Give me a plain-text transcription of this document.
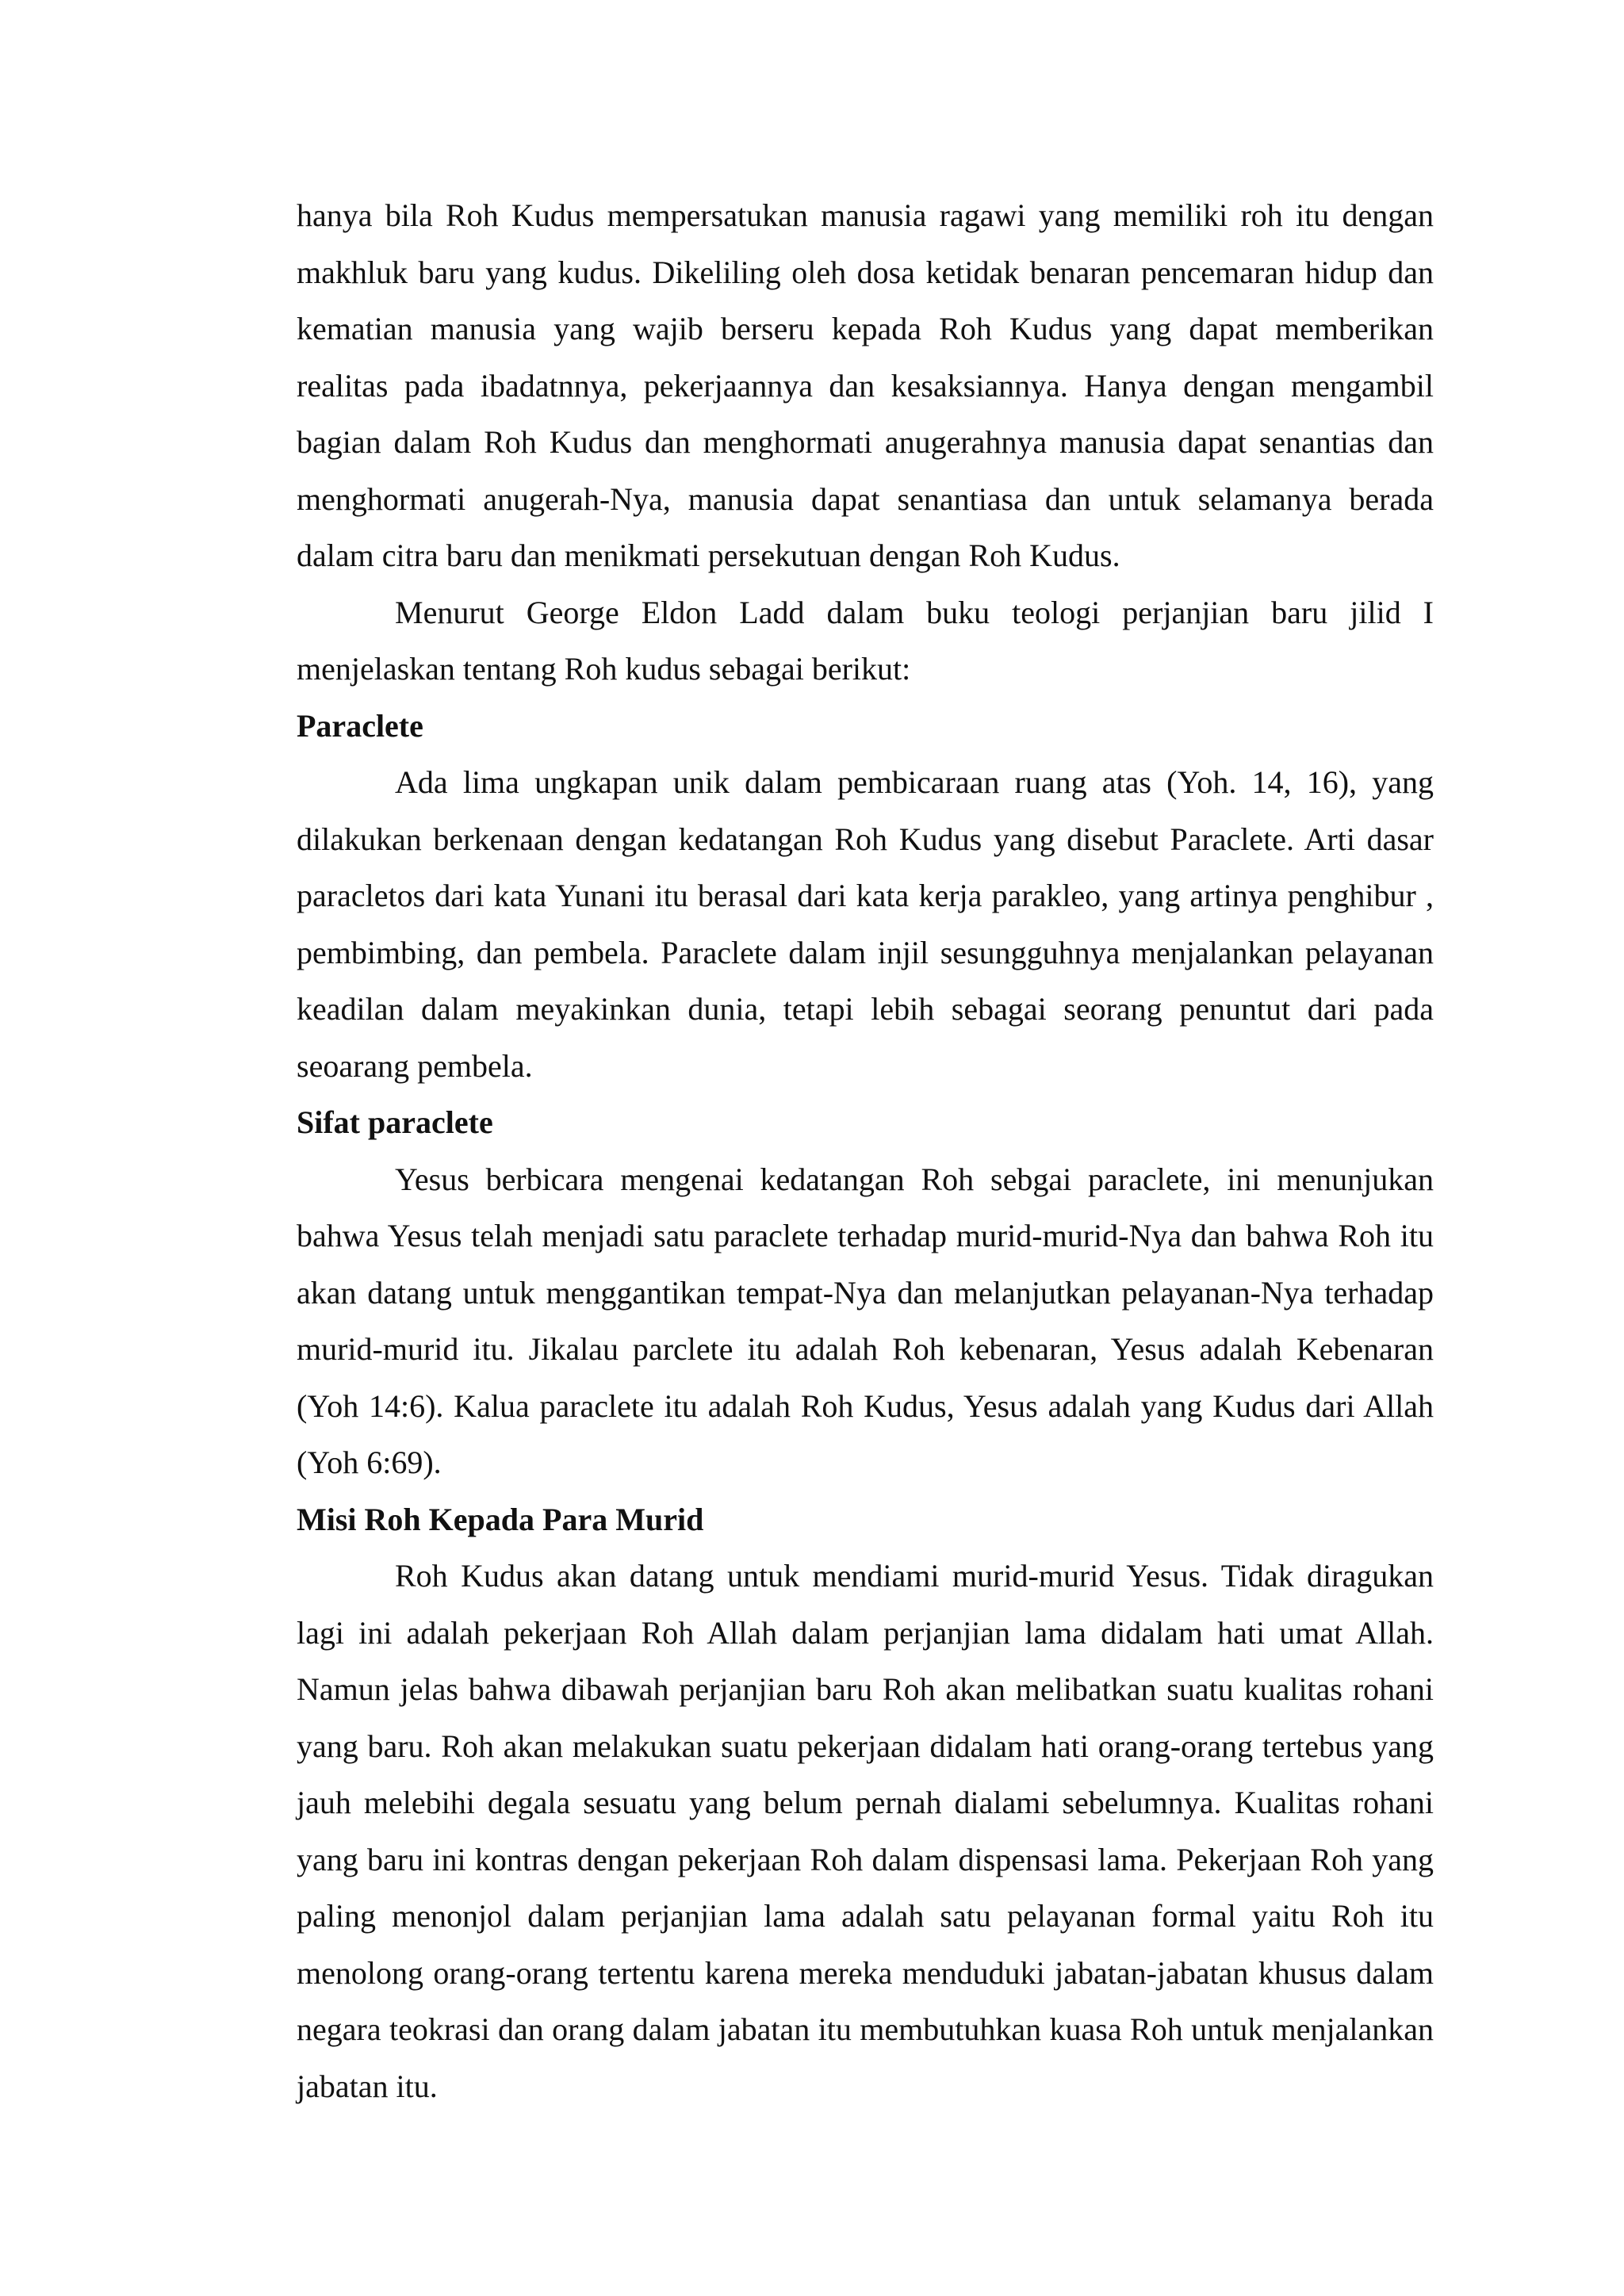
hanya bila Roh Kudus mempersatukan manusia ragawi yang memiliki roh itu dengan makhluk baru yang kudus. Dikeliling oleh dosa ketidak benaran pencemaran hidup dan kematian manusia yang wajib berseru kepada Roh Kudus yang dapat memberikan realitas pada ibadatnnya, pekerjaannya dan kesaksiannya. Hanya dengan mengambil bagian dalam Roh Kudus dan menghormati anugerahnya manusia dapat senantias dan menghormati anugerah-Nya, manusia dapat senantiasa dan untuk selamanya berada dalam citra baru dan menikmati persekutuan dengan Roh Kudus.

Menurut George Eldon Ladd dalam buku teologi perjanjian baru jilid I menjelaskan tentang Roh kudus sebagai berikut:

Paraclete

Ada lima ungkapan unik dalam pembicaraan ruang atas (Yoh. 14, 16), yang dilakukan berkenaan dengan kedatangan Roh Kudus yang disebut Paraclete. Arti dasar paracletos dari kata Yunani itu berasal dari kata kerja parakleo, yang artinya penghibur , pembimbing, dan pembela. Paraclete dalam injil sesungguhnya menjalankan pelayanan keadilan dalam meyakinkan dunia, tetapi lebih sebagai seorang penuntut dari pada seoarang pembela.

Sifat paraclete

Yesus berbicara mengenai kedatangan Roh sebgai paraclete, ini menunjukan bahwa Yesus telah menjadi satu paraclete terhadap murid-murid-Nya dan bahwa Roh itu akan datang untuk menggantikan tempat-Nya dan melanjutkan pelayanan-Nya terhadap murid-murid itu. Jikalau parclete itu adalah Roh kebenaran, Yesus adalah Kebenaran (Yoh 14:6). Kalua paraclete itu adalah Roh Kudus, Yesus adalah yang Kudus dari Allah (Yoh 6:69).

Misi Roh Kepada Para Murid

Roh Kudus akan datang untuk mendiami murid-murid Yesus. Tidak diragukan lagi ini adalah pekerjaan Roh Allah dalam perjanjian lama didalam hati umat Allah. Namun jelas bahwa dibawah perjanjian baru Roh akan melibatkan suatu kualitas rohani yang baru. Roh akan melakukan suatu pekerjaan didalam hati orang-orang tertebus yang jauh melebihi degala sesuatu yang belum pernah dialami sebelumnya. Kualitas rohani yang baru ini kontras dengan pekerjaan Roh dalam dispensasi lama. Pekerjaan Roh yang paling menonjol dalam perjanjian lama adalah satu pelayanan formal yaitu Roh itu menolong orang-orang tertentu karena mereka menduduki jabatan-jabatan khusus dalam negara teokrasi dan orang dalam jabatan itu membutuhkan kuasa Roh untuk menjalankan jabatan itu.
